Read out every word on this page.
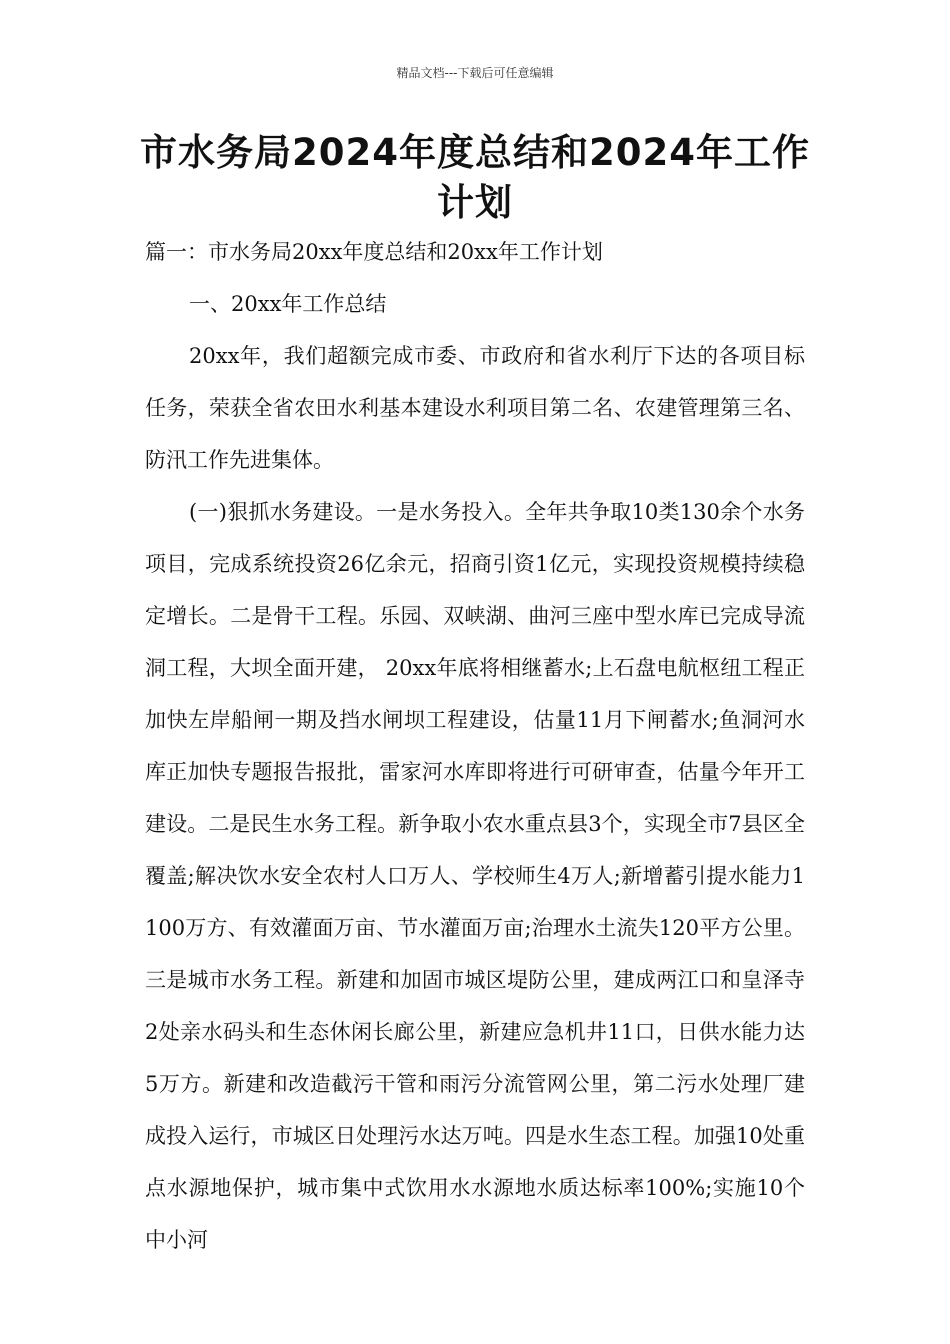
精品文档---下载后可任意编辑
市水务局2024年度总结和2024年工作
计划

篇一：市水务局20xx年度总结和20xx年工作计划

一、20xx年工作总结

20xx年，我们超额完成市委、市政府和省水利厅下达的各项目标任务，荣获全省农田水利基本建设水利项目第二名、农建管理第三名、防汛工作先进集体。

(一)狠抓水务建设。一是水务投入。全年共争取10类130余个水务项目，完成系统投资26亿余元，招商引资1亿元，实现投资规模持续稳定增长。二是骨干工程。乐园、双峡湖、曲河三座中型水库已完成导流洞工程，大坝全面开建， 20xx年底将相继蓄水;上石盘电航枢纽工程正加快左岸船闸一期及挡水闸坝工程建设，估量11月下闸蓄水;鱼洞河水库正加快专题报告报批，雷家河水库即将进行可研审查，估量今年开工建设。二是民生水务工程。新争取小农水重点县3个，实现全市7县区全覆盖;解决饮水安全农村人口万人、学校师生4万人;新增蓄引提水能力1100万方、有效灌面万亩、节水灌面万亩;治理水土流失120平方公里。三是城市水务工程。新建和加固市城区堤防公里，建成两江口和皇泽寺2处亲水码头和生态休闲长廊公里，新建应急机井11口，日供水能力达5万方。新建和改造截污干管和雨污分流管网公里，第二污水处理厂建成投入运行，市城区日处理污水达万吨。四是水生态工程。加强10处重点水源地保护，城市集中式饮用水水源地水质达标率100%;实施10个中小河
